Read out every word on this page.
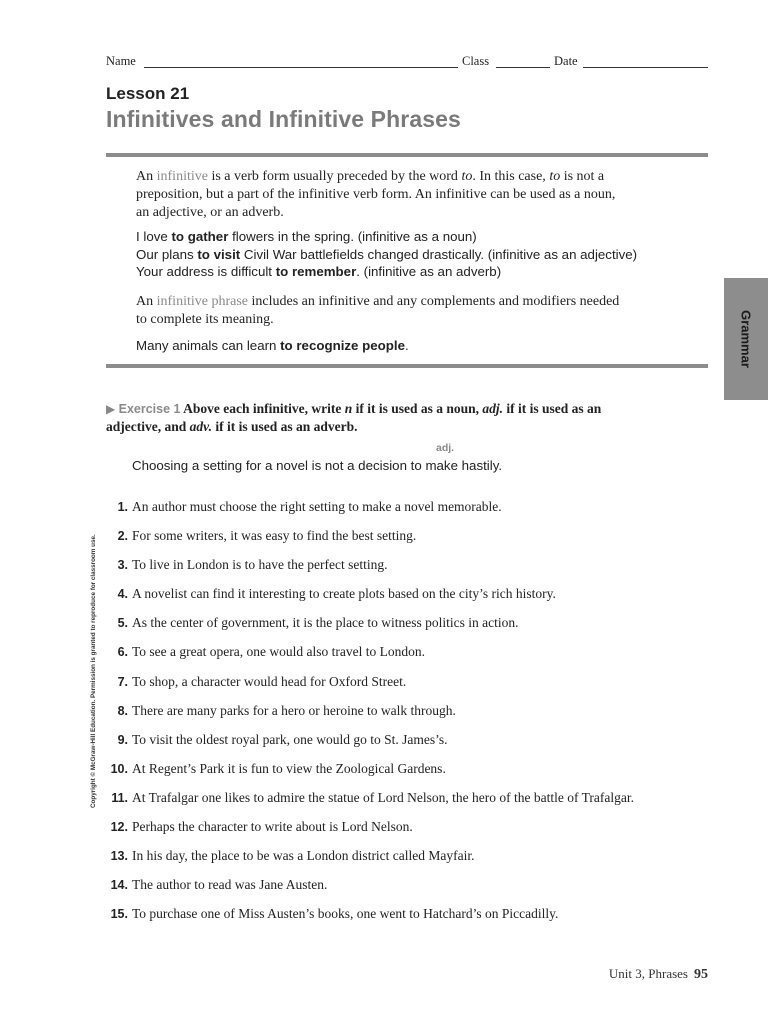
Name	Class	Date
Lesson 21
Infinitives and Infinitive Phrases
An infinitive is a verb form usually preceded by the word to. In this case, to is not a
preposition, but a part of the infinitive verb form. An infinitive can be used as a noun,
an adjective, or an adverb.
I love to gather flowers in the spring. (infinitive as a noun)
Our plans to visit Civil War battlefields changed drastically. (infinitive as an adjective)
Your address is difficult to remember. (infinitive as an adverb)
An infinitive phrase includes an infinitive and any complements and modifiers needed
to complete its meaning.
Many animals can learn to recognize people.	Grammar
▶ Exercise 1 Above each infinitive, write n if it is used as a noun, adj. if it is used as an
adjective, and adv. if it is used as an adverb.
adj.
Choosing a setting for a novel is not a decision to make hastily.
1. An author must choose the right setting to make a novel memorable.
2. For some writers, it was easy to find the best setting.
3. To live in London is to have the perfect setting.
4. A novelist can find it interesting to create plots based on the city’s rich history.
5. As the center of government, it is the place to witness politics in action.
6. To see a great opera, one would also travel to London.
7. To shop, a character would head for Oxford Street.
8. There are many parks for a hero or heroine to walk through.
9. To visit the oldest royal park, one would go to St. James’s.
10. At Regent’s Park it is fun to view the Zoological Gardens.
11. At Trafalgar one likes to admire the statue of Lord Nelson, the hero of the battle of Trafalgar.
12. Perhaps the character to write about is Lord Nelson.
13. In his day, the place to be was a London district called Mayfair.
14. The author to read was Jane Austen.
15. To purchase one of Miss Austen’s books, one went to Hatchard’s on Piccadilly.
Copyright © McGraw-Hill Education. Permission is granted to reproduce for classroom use.
Unit 3, Phrases 95
